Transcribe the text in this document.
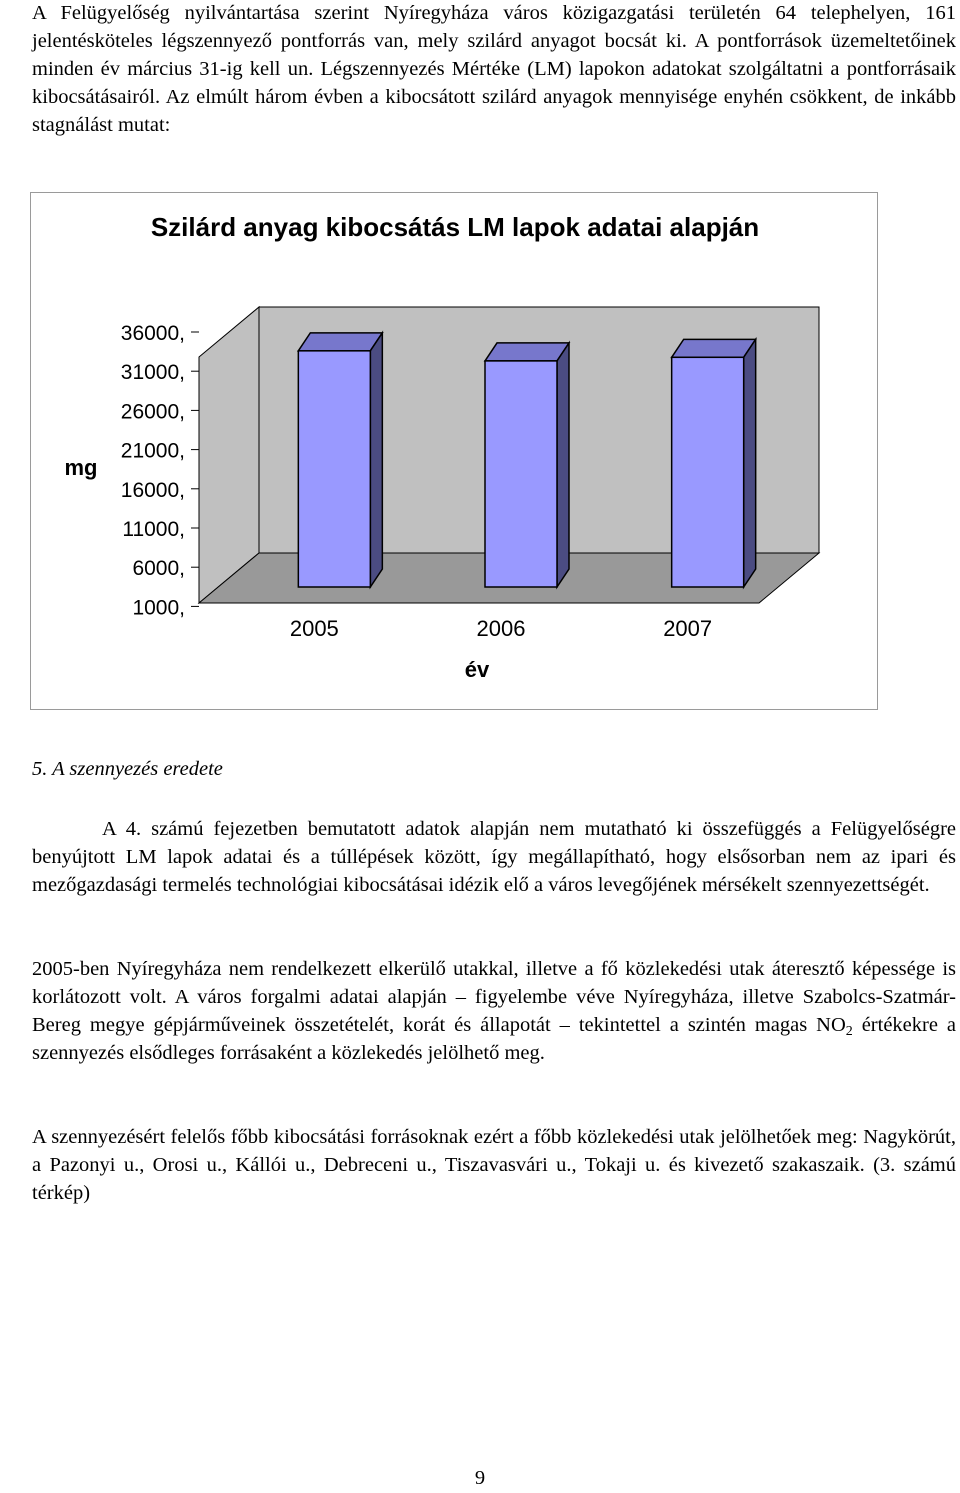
A Felügyelőség nyilvántartása szerint Nyíregyháza város közigazgatási területén 64 telephelyen, 161 jelentésköteles légszennyező pontforrás van, mely szilárd anyagot bocsát ki. A pontforrások üzemeltetőinek minden év március 31-ig kell un. Légszennyezés Mértéke (LM) lapokon adatokat szolgáltatni a pontforrásaik kibocsátásairól. Az elmúlt három évben a kibocsátott szilárd anyagok mennyisége enyhén csökkent, de inkább stagnálást mutat:

Szilárd anyag kibocsátás LM lapok adatai alapján
36000,
31000,
26000,
21000,
16000,
11000,
6000,
1000,
mg
2005	2006	2007
év

5. A szennyezés eredete

A 4. számú fejezetben bemutatott adatok alapján nem mutatható ki összefüggés a Felügyelőségre benyújtott LM lapok adatai és a túllépések között, így megállapítható, hogy elsősorban nem az ipari és mezőgazdasági termelés technológiai kibocsátásai idézik elő a város levegőjének mérsékelt szennyezettségét.

2005-ben Nyíregyháza nem rendelkezett elkerülő utakkal, illetve a fő közlekedési utak áteresztő képessége is korlátozott volt. A város forgalmi adatai alapján – figyelembe véve Nyíregyháza, illetve Szabolcs-Szatmár-Bereg megye gépjárműveinek összetételét, korát és állapotát – tekintettel a szintén magas $NO_2$ értékekre a szennyezés elsődleges forrásaként a közlekedés jelölhető meg.

A szennyezésért felelős főbb kibocsátási forrásoknak ezért a főbb közlekedési utak jelölhetőek meg: Nagykörút, a Pazonyi u., Orosi u., Kállói u., Debreceni u., Tiszavasvári u., Tokaji u. és kivezető szakaszaik. (3. számú térkép)

9
